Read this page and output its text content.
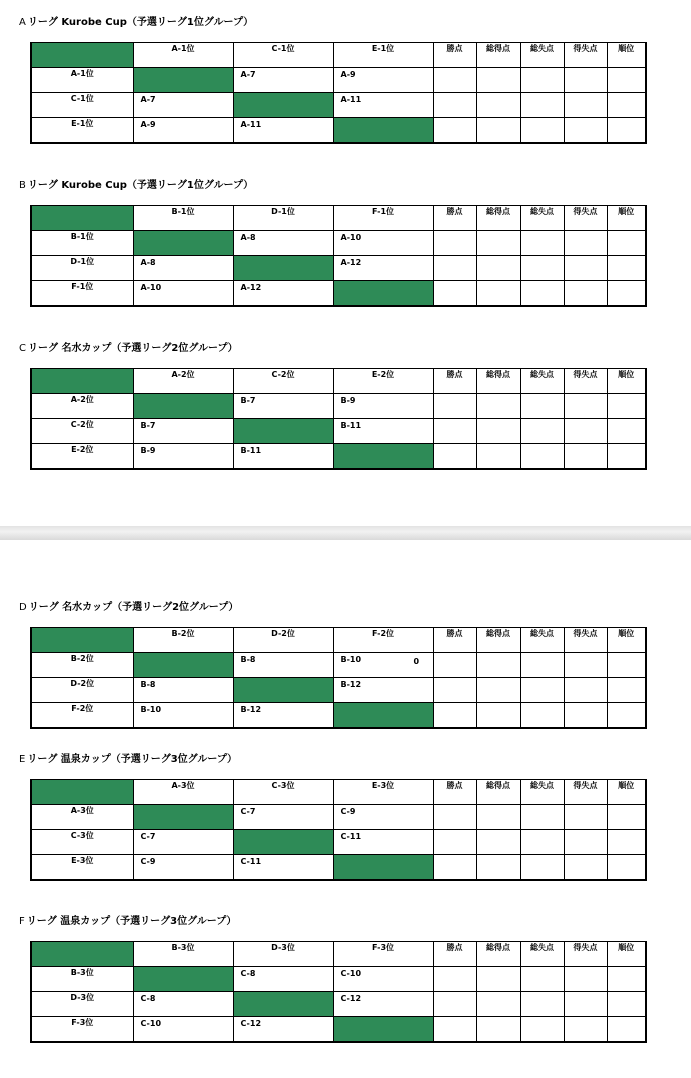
A リーグ Kurobe Cup（予選リーグ1位グループ）
	A-1位	C-1位	E-1位	勝点	総得点	総失点	得失点	順位
A-1位		A-7	A-9					

C-1位	A-7		A-11					

E-1位	A-9	A-11						

B リーグ Kurobe Cup（予選リーグ1位グループ）
	B-1位	D-1位	F-1位	勝点	総得点	総失点	得失点	順位
B-1位		A-8	A-10					

D-1位	A-8		A-12					

F-1位	A-10	A-12						

C リーグ 名水カップ（予選リーグ2位グループ）
	A-2位	C-2位	E-2位	勝点	総得点	総失点	得失点	順位
A-2位		B-7	B-9					

C-2位	B-7		B-11					

E-2位	B-9	B-11						

D リーグ 名水カップ（予選リーグ2位グループ）
	B-2位	D-2位	F-2位	勝点	総得点	総失点	得失点	順位
B-2位		B-8	B-10 0					

D-2位	B-8		B-12					

F-2位	B-10	B-12						

E リーグ 温泉カップ（予選リーグ3位グループ）
	A-3位	C-3位	E-3位	勝点	総得点	総失点	得失点	順位
A-3位		C-7	C-9					

C-3位	C-7		C-11					

E-3位	C-9	C-11						

F リーグ 温泉カップ（予選リーグ3位グループ）
	B-3位	D-3位	F-3位	勝点	総得点	総失点	得失点	順位
B-3位		C-8	C-10					

D-3位	C-8		C-12					

F-3位	C-10	C-12						
